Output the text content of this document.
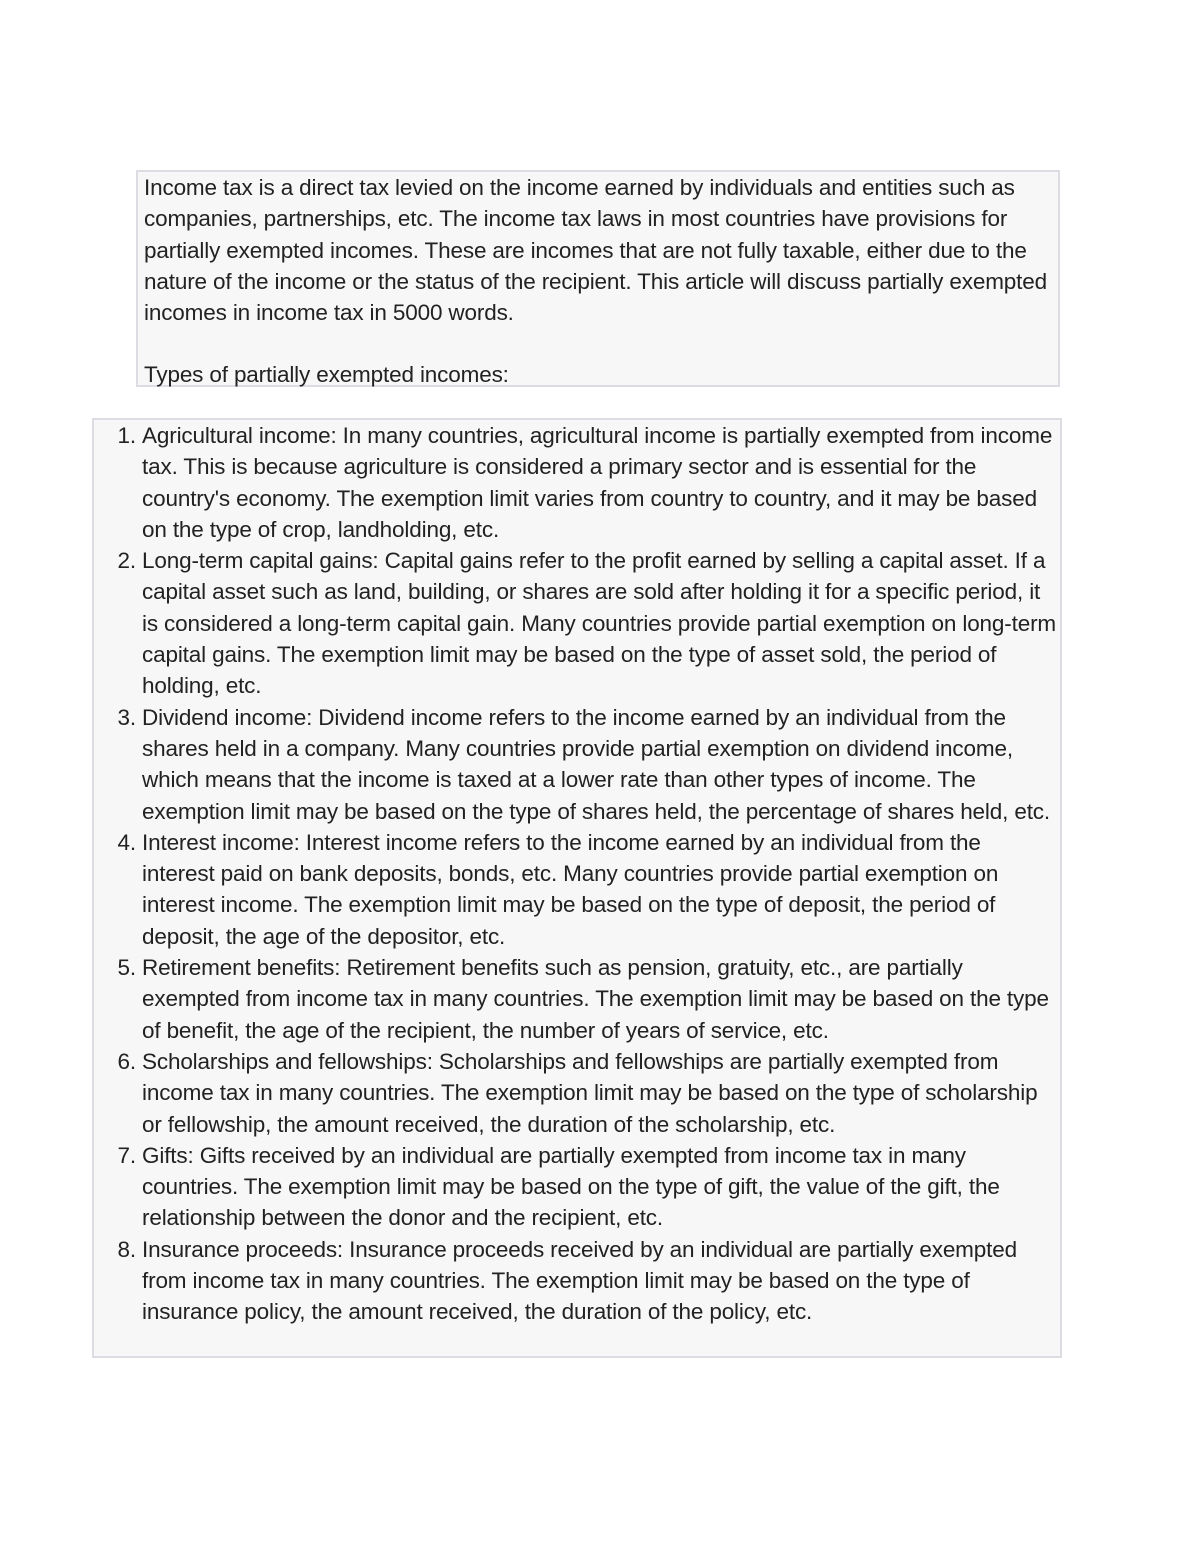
Income tax is a direct tax levied on the income earned by individuals and entities such as companies, partnerships, etc. The income tax laws in most countries have provisions for partially exempted incomes. These are incomes that are not fully taxable, either due to the nature of the income or the status of the recipient. This article will discuss partially exempted incomes in income tax in 5000 words.

Types of partially exempted incomes:

1. Agricultural income: In many countries, agricultural income is partially exempted from income tax. This is because agriculture is considered a primary sector and is essential for the country's economy. The exemption limit varies from country to country, and it may be based on the type of crop, landholding, etc.
2. Long-term capital gains: Capital gains refer to the profit earned by selling a capital asset. If a capital asset such as land, building, or shares are sold after holding it for a specific period, it is considered a long-term capital gain. Many countries provide partial exemption on long-term capital gains. The exemption limit may be based on the type of asset sold, the period of holding, etc.
3. Dividend income: Dividend income refers to the income earned by an individual from the shares held in a company. Many countries provide partial exemption on dividend income, which means that the income is taxed at a lower rate than other types of income. The exemption limit may be based on the type of shares held, the percentage of shares held, etc.
4. Interest income: Interest income refers to the income earned by an individual from the interest paid on bank deposits, bonds, etc. Many countries provide partial exemption on interest income. The exemption limit may be based on the type of deposit, the period of deposit, the age of the depositor, etc.
5. Retirement benefits: Retirement benefits such as pension, gratuity, etc., are partially exempted from income tax in many countries. The exemption limit may be based on the type of benefit, the age of the recipient, the number of years of service, etc.
6. Scholarships and fellowships: Scholarships and fellowships are partially exempted from income tax in many countries. The exemption limit may be based on the type of scholarship or fellowship, the amount received, the duration of the scholarship, etc.
7. Gifts: Gifts received by an individual are partially exempted from income tax in many countries. The exemption limit may be based on the type of gift, the value of the gift, the relationship between the donor and the recipient, etc.
8. Insurance proceeds: Insurance proceeds received by an individual are partially exempted from income tax in many countries. The exemption limit may be based on the type of insurance policy, the amount received, the duration of the policy, etc.
